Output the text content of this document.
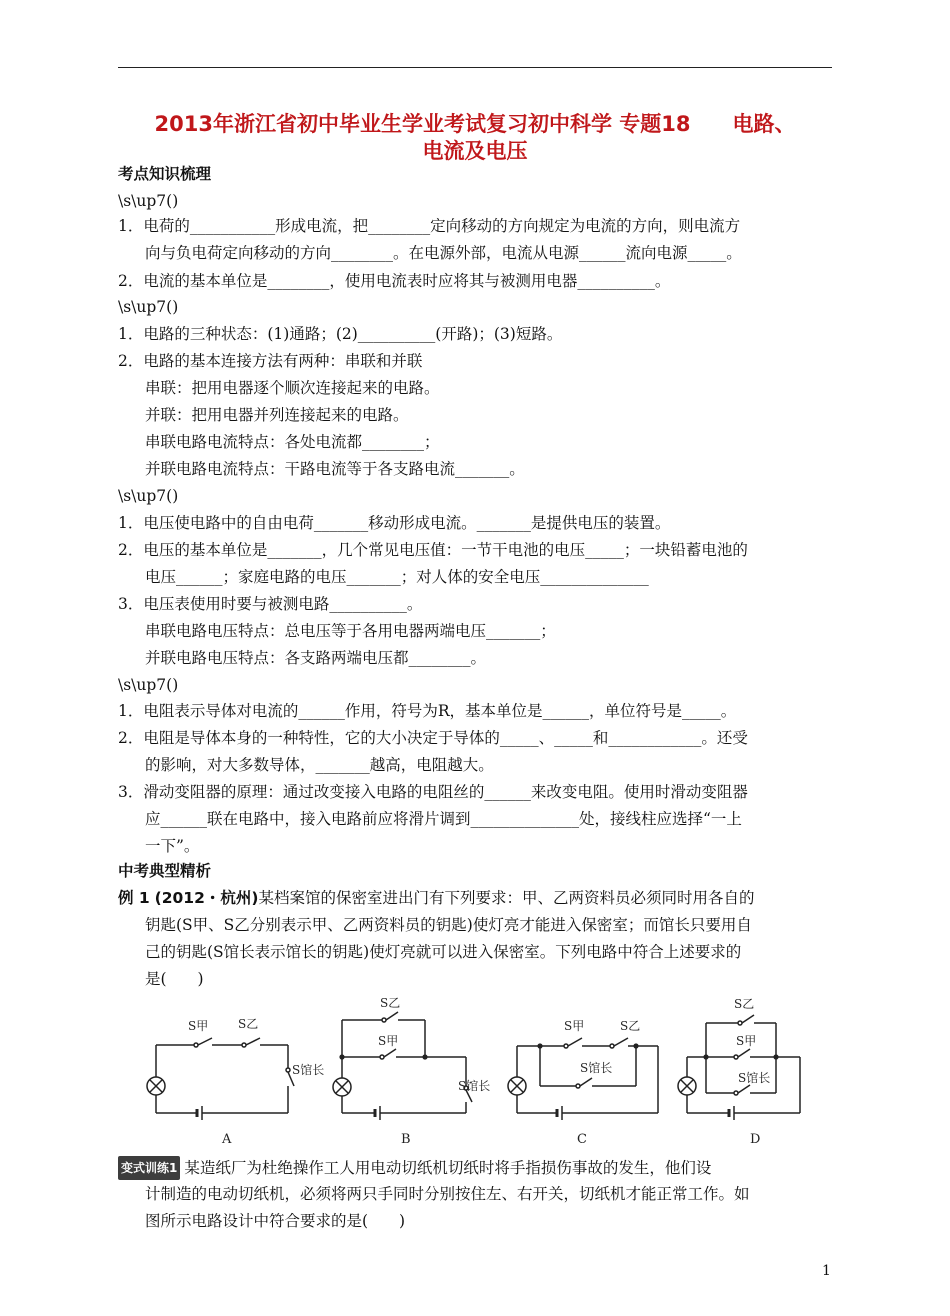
2013年浙江省初中毕业生学业考试复习初中科学 专题18　　电路、
电流及电压
考点知识梳理
\s\up7()
1．电荷的___________形成电流，把________定向移动的方向规定为电流的方向，则电流方
向与负电荷定向移动的方向________。在电源外部，电流从电源______流向电源_____。
2．电流的基本单位是________，使用电流表时应将其与被测用电器__________。
\s\up7()
1．电路的三种状态：(1)通路；(2)__________(开路)；(3)短路。
2．电路的基本连接方法有两种：串联和并联
串联：把用电器逐个顺次连接起来的电路。
并联：把用电器并列连接起来的电路。
串联电路电流特点：各处电流都________；
并联电路电流特点：干路电流等于各支路电流_______。
\s\up7()
1．电压使电路中的自由电荷_______移动形成电流。_______是提供电压的装置。
2．电压的基本单位是_______，几个常见电压值：一节干电池的电压_____；一块铅蓄电池的
电压______；家庭电路的电压_______；对人体的安全电压______________
3．电压表使用时要与被测电路__________。
串联电路电压特点：总电压等于各用电器两端电压_______；
并联电路电压特点：各支路两端电压都________。
\s\up7()
1．电阻表示导体对电流的______作用，符号为R，基本单位是______，单位符号是_____。
2．电阻是导体本身的一种特性，它的大小决定于导体的_____、_____和____________。还受
的影响，对大多数导体，_______越高，电阻越大。
3．滑动变阻器的原理：通过改变接入电路的电阻丝的______来改变电阻。使用时滑动变阻器
应______联在电路中，接入电路前应将滑片调到______________处，接线柱应选择“一上
一下”。
中考典型精析
例 1 (2012・杭州)某档案馆的保密室进出门有下列要求：甲、乙两资料员必须同时用各自的
钥匙(S甲、S乙分别表示甲、乙两资料员的钥匙)使灯亮才能进入保密室；而馆长只要用自
己的钥匙(S馆长表示馆长的钥匙)使灯亮就可以进入保密室。下列电路中符合上述要求的
是(　　)
S甲 S乙
S馆长
S乙
S甲
S馆长
S甲	S乙
S馆长
S乙
S甲
S馆长
A	B	C	D
变式训练1 某造纸厂为杜绝操作工人用电动切纸机切纸时将手指损伤事故的发生，他们设
计制造的电动切纸机，必须将两只手同时分别按住左、右开关，切纸机才能正常工作。如
图所示电路设计中符合要求的是(　　)
1
